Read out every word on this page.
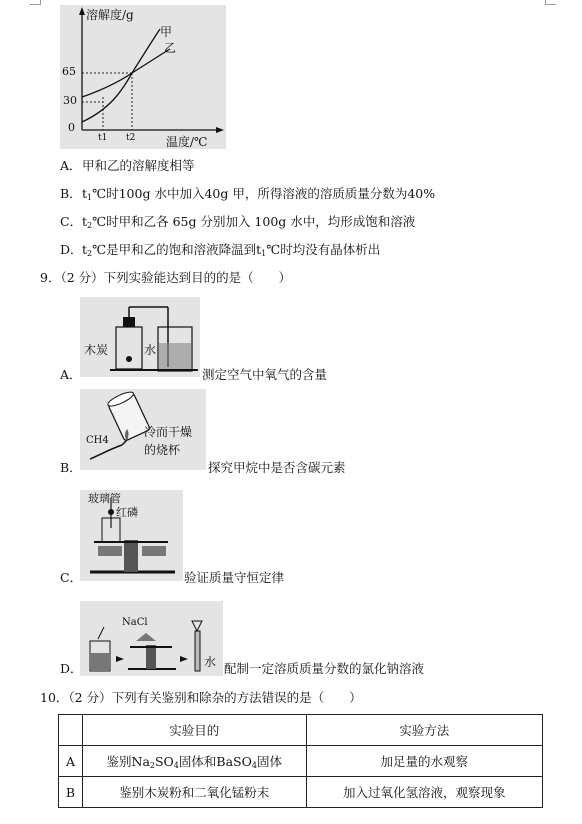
溶解度/g
温度/℃
甲
乙
65
30
0
t1 t2
A．甲和乙的溶解度相等
B．$t_1℃$时100g 水中加入40g 甲，所得溶液的溶质质量分数为40%
C．$t_2℃$时甲和乙各 65g 分别加入 100g 水中，均形成饱和溶液
D．$t_2℃$是甲和乙的饱和溶液降温到$t_1℃$时均没有晶体析出
9．（2 分）下列实验能达到目的的是（　　）
木炭	水
A．	测定空气中氧气的含量
CH4
冷而干燥
的烧杯
B．	探究甲烷中是否含碳元素
玻璃管
红磷
C．	验证质量守恒定律
NaCl
水
D．	配制一定溶质质量分数的氯化钠溶液
10．（2 分）下列有关鉴别和除杂的方法错误的是（　　）
	实验目的	实验方法
A	鉴别$Na_2SO_4$固体和BaSO$_4$固体	加足量的水观察
B	鉴别木炭粉和二氧化锰粉末	加入过氧化氢溶液，观察现象
